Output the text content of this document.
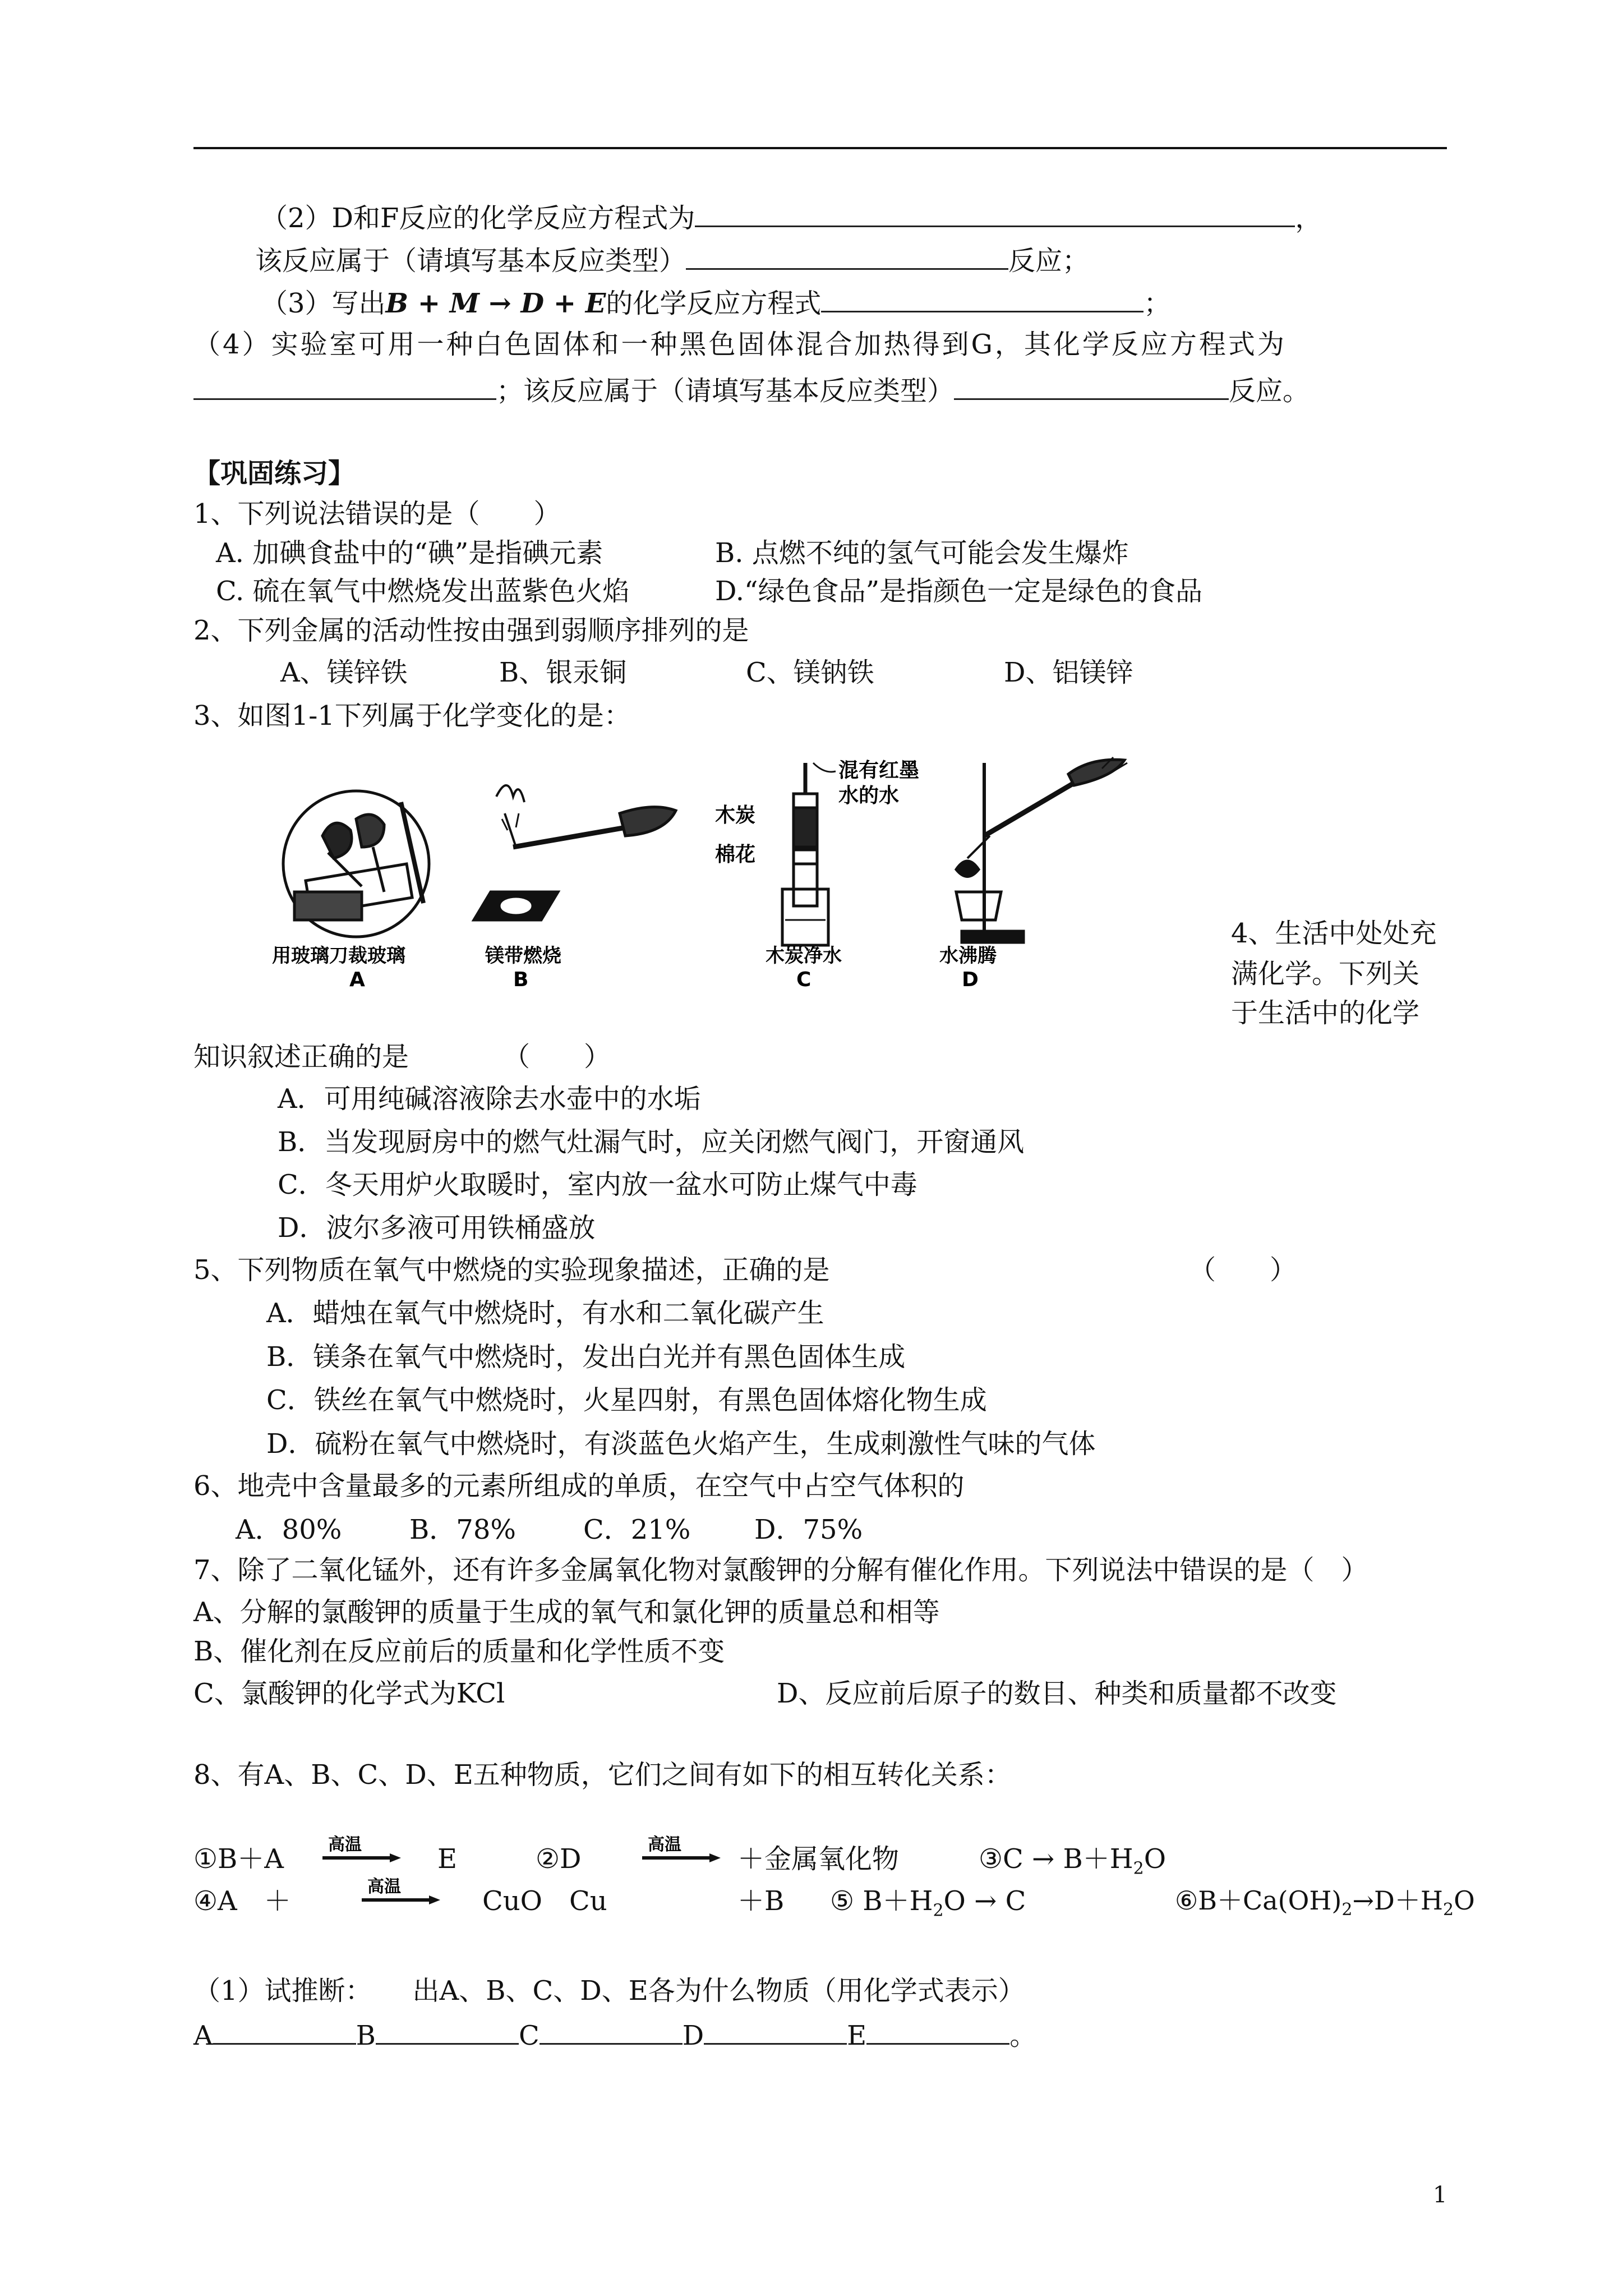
（2）D和F反应的化学反应方程式为	，
该反应属于（请填写基本反应类型）	反应；
（3）写出B + M → D + E的化学反应方程式	；
（4）实验室可用一种白色固体和一种黑色固体混合加热得到G，其化学反应方程式为
；该反应属于（请填写基本反应类型）	反应。
【巩固练习】
1、下列说法错误的是（　　）
A. 加碘食盐中的“碘”是指碘元素	B. 点燃不纯的氢气可能会发生爆炸
C. 硫在氧气中燃烧发出蓝紫色火焰	D.“绿色食品”是指颜色一定是绿色的食品
2、下列金属的活动性按由强到弱顺序排列的是
A、镁锌铁	B、银汞铜	C、镁钠铁	D、铝镁锌
3、如图1-1下列属于化学变化的是：
用玻璃刀裁玻璃
A
镁带燃烧
B
混有红墨
水的水
木炭
棉花
木炭净水
C
水沸腾
D
4、生活中处处充
满化学。下列关
于生活中的化学
知识叙述正确的是　　　　（　　）
A．可用纯碱溶液除去水壶中的水垢
B．当发现厨房中的燃气灶漏气时，应关闭燃气阀门，开窗通风
C．冬天用炉火取暖时，室内放一盆水可防止煤气中毒
D．波尔多液可用铁桶盛放
5、下列物质在氧气中燃烧的实验现象描述，正确的是	（　　）
A．蜡烛在氧气中燃烧时，有水和二氧化碳产生
B．镁条在氧气中燃烧时，发出白光并有黑色固体生成
C．铁丝在氧气中燃烧时，火星四射，有黑色固体熔化物生成
D．硫粉在氧气中燃烧时，有淡蓝色火焰产生，生成刺激性气味的气体
6、地壳中含量最多的元素所组成的单质，在空气中占空气体积的
A．80%	B．78%	C．21% D．75%
7、除了二氧化锰外，还有许多金属氧化物对氯酸钾的分解有催化作用。下列说法中错误的是（　）
A、分解的氯酸钾的质量于生成的氧气和氯化钾的质量总和相等
B、催化剂在反应前后的质量和化学性质不变
C、氯酸钾的化学式为KCl	D、反应前后原子的数目、种类和质量都不改变
8、有A、B、C、D、E五种物质，它们之间有如下的相互转化关系：
①B＋A	高温	E	②D	高温 ＋金属氧化物	③C → $B+H_2O$
④A　＋	高温	CuO　Cu	＋B ⑤ $B+H_2O \to C$	$⑥B+Ca(OH)_2\to D+H_2O$
（1）试推断：　　出A、B、C、D、E各为什么物质（用化学式表示）
A	B	C	D	E	。
1
